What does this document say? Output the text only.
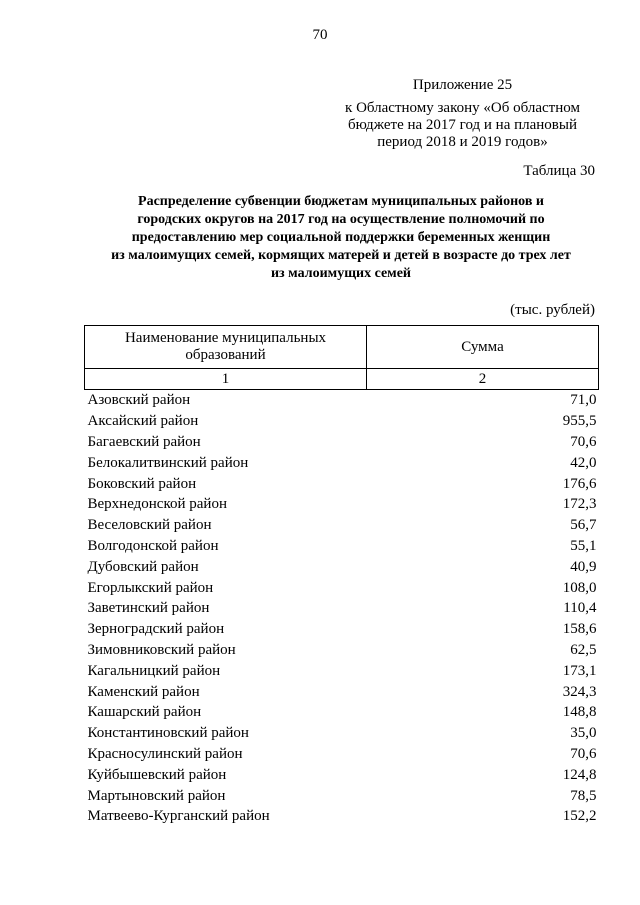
70
Приложение 25
к Областному закону «Об областном
бюджете на 2017 год и на плановый
период 2018 и 2019 годов»
Таблица 30
Распределение субвенции бюджетам муниципальных районов и
городских округов на 2017 год на осуществление полномочий по
предоставлению мер социальной поддержки беременных женщин
из малоимущих семей, кормящих матерей и детей в возрасте до трех лет
из малоимущих семей
(тыс. рублей)
Наименование муниципальных
образований	Сумма
1	2
Азовский район	71,0
Аксайский район	955,5
Багаевский район	70,6
Белокалитвинский район	42,0
Боковский район	176,6
Верхнедонской район	172,3
Веселовский район	56,7
Волгодонской район	55,1
Дубовский район	40,9
Егорлыкский район	108,0
Заветинский район	110,4
Зерноградский район	158,6
Зимовниковский район	62,5
Кагальницкий район	173,1
Каменский район	324,3
Кашарский район	148,8
Константиновский район	35,0
Красносулинский район	70,6
Куйбышевский район	124,8
Мартыновский район	78,5
Матвеево-Курганский район	152,2
